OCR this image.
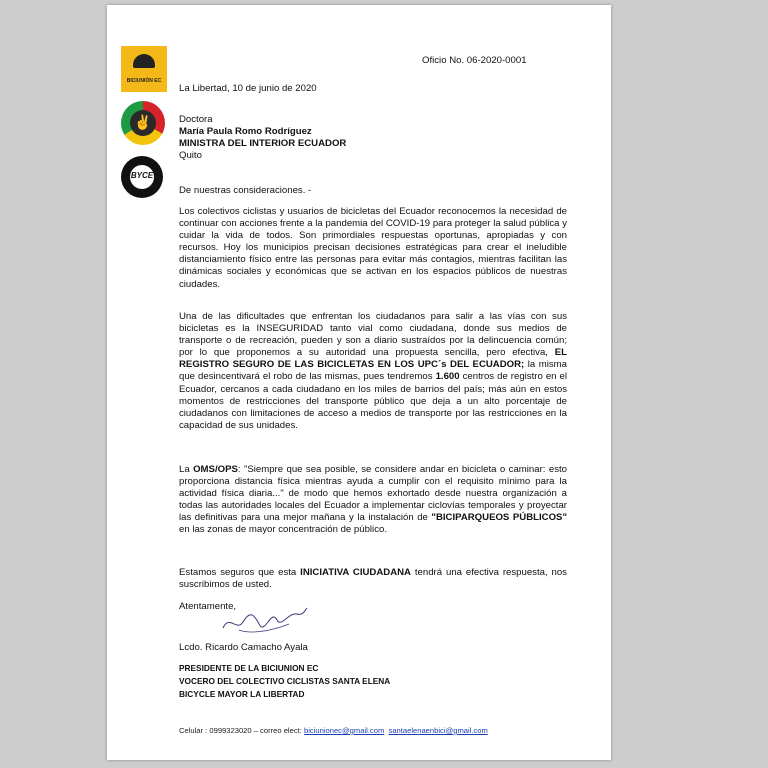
BICIUNIÓN EC
✌
BYCE
Oficio No. 06-2020-0001
La Libertad, 10 de junio de 2020
Doctora
María Paula Romo Rodríguez
MINISTRA DEL INTERIOR ECUADOR
Quito
De nuestras consideraciones. -
Los colectivos ciclistas y usuarios de bicicletas del Ecuador reconocemos la necesidad de continuar con acciones frente a la pandemia del COVID-19 para proteger la salud pública y cuidar la vida de todos. Son primordiales respuestas oportunas, apropiadas y con recursos. Hoy los municipios precisan decisiones estratégicas para crear el ineludible distanciamiento físico entre las personas para evitar más contagios, mientras facilitan las dinámicas sociales y económicas que se activan en los espacios públicos de nuestras ciudades.
Una de las dificultades que enfrentan los ciudadanos para salir a las vías con sus bicicletas es la INSEGURIDAD tanto vial como ciudadana, donde sus medios de transporte o de recreación, pueden y son a diario sustraídos por la delincuencia común; por lo que proponemos a su autoridad una propuesta sencilla, pero efectiva, EL REGISTRO SEGURO DE LAS BICICLETAS EN LOS UPC´s DEL ECUADOR; la misma que desincentivará el robo de las mismas, pues tendremos 1.600 centros de registro en el Ecuador, cercanos a cada ciudadano en los miles de barrios del país; más aún en estos momentos de restricciones del transporte público que deja a un alto porcentaje de ciudadanos con limitaciones de acceso a medios de transporte por las restricciones en la capacidad de sus unidades.
La OMS/OPS: "Siempre que sea posible, se considere andar en bicicleta o caminar: esto proporciona distancia física mientras ayuda a cumplir con el requisito mínimo para la actividad física diaria..." de modo que hemos exhortado desde nuestra organización a todas las autoridades locales del Ecuador a implementar ciclovías temporales y proyectar las definitivas para una mejor mañana y la instalación de "BICIPARQUEOS PÚBLICOS" en las zonas de mayor concentración de público.
Estamos seguros que esta INICIATIVA CIUDADANA tendrá una efectiva respuesta, nos suscribimos de usted.
Atentamente,
Lcdo. Ricardo Camacho Ayala
PRESIDENTE DE LA BICIUNION EC
VOCERO DEL COLECTIVO CICLISTAS SANTA ELENA
BICYCLE MAYOR LA LIBERTAD
Celular : 0999323020 – correo elect: biciunionec@gmail.com santaelenaenbici@gmail.com
